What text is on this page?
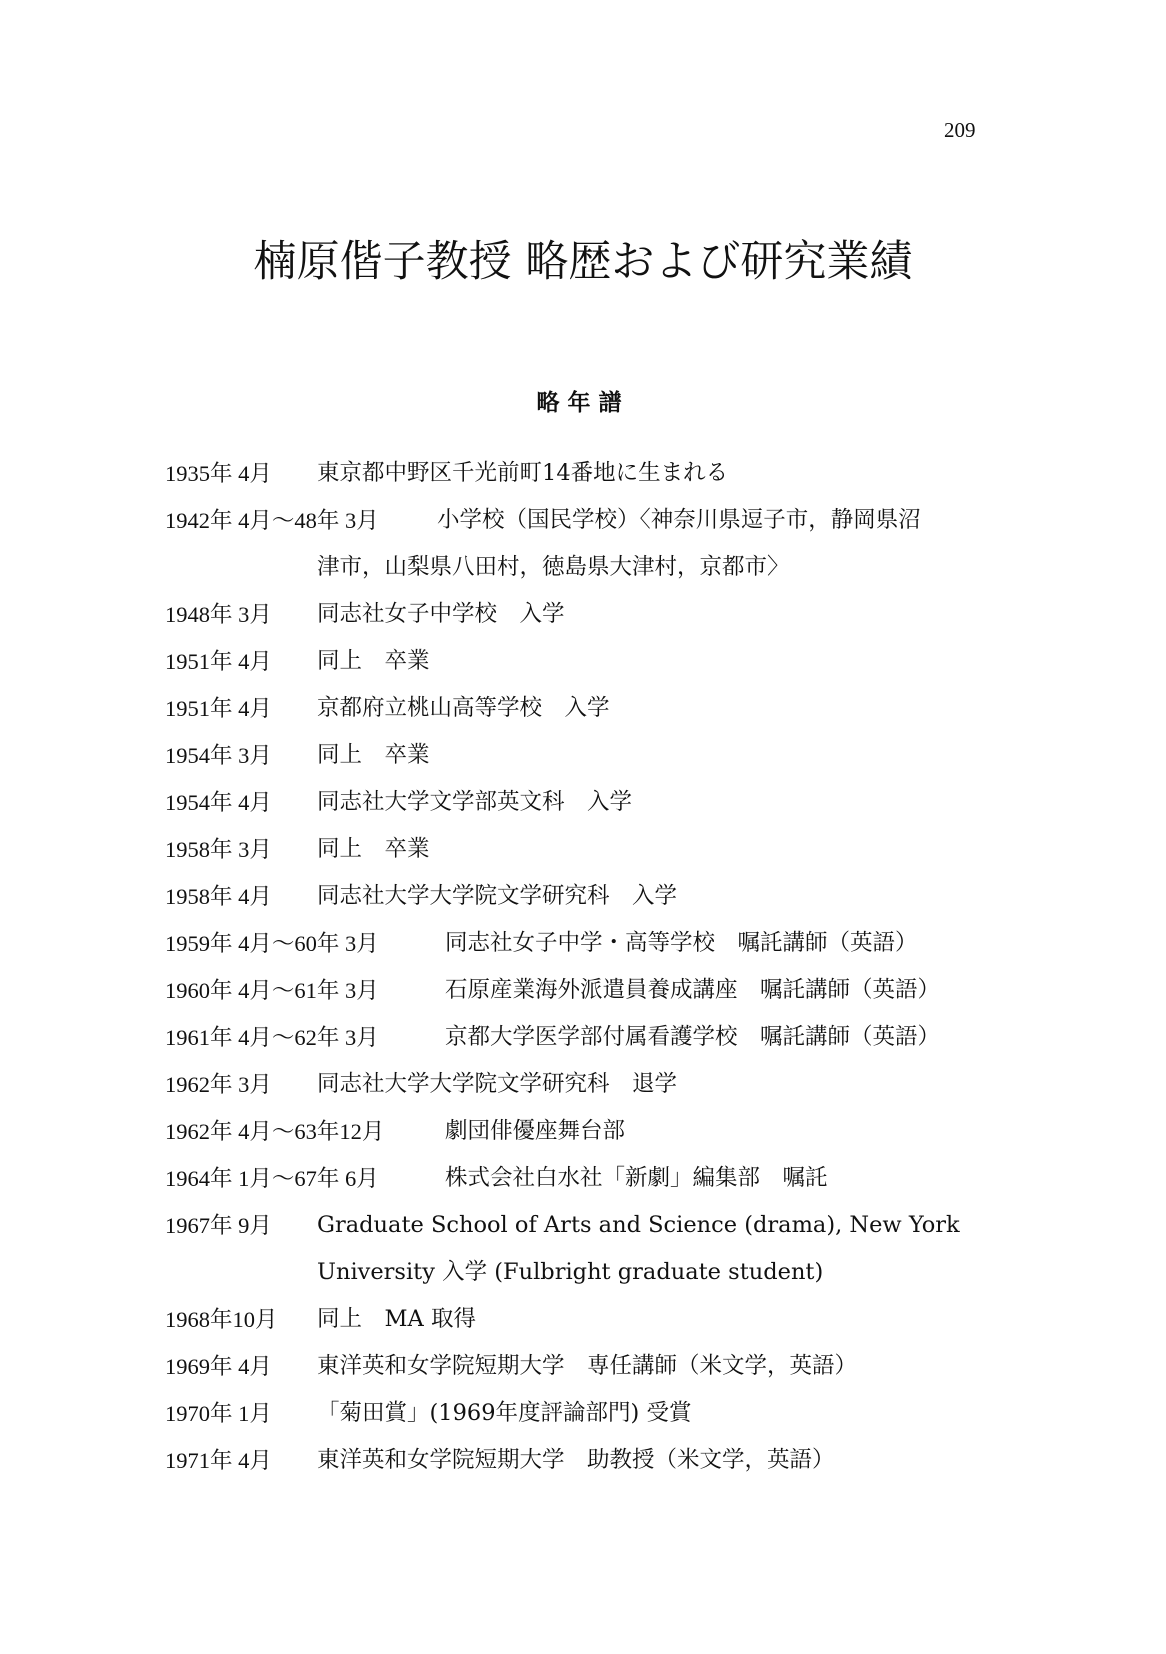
209
楠原偕子教授 略歴および研究業績
略年譜
1935年 4月 東京都中野区千光前町14番地に生まれる
1942年 4月～48年 3月	小学校（国民学校）〈神奈川県逗子市，静岡県沼
津市，山梨県八田村，徳島県大津村，京都市〉
1948年 3月 同志社女子中学校　入学
1951年 4月 同上　卒業
1951年 4月 京都府立桃山高等学校　入学
1954年 3月 同上　卒業
1954年 4月 同志社大学文学部英文科　入学
1958年 3月 同上　卒業
1958年 4月 同志社大学大学院文学研究科　入学
1959年 4月～60年 3月	同志社女子中学・高等学校　嘱託講師（英語）
1960年 4月～61年 3月	石原産業海外派遣員養成講座　嘱託講師（英語）
1961年 4月～62年 3月	京都大学医学部付属看護学校　嘱託講師（英語）
1962年 3月 同志社大学大学院文学研究科　退学
1962年 4月～63年12月	劇団俳優座舞台部
1964年 1月～67年 6月	株式会社白水社「新劇」編集部　嘱託
1967年 9月 Graduate School of Arts and Science (drama), New York
University 入学 (Fulbright graduate student)
1968年10月 同上　MA 取得
1969年 4月 東洋英和女学院短期大学　専任講師（米文学，英語）
1970年 1月 「菊田賞」(1969年度評論部門) 受賞
1971年 4月 東洋英和女学院短期大学　助教授（米文学，英語）
